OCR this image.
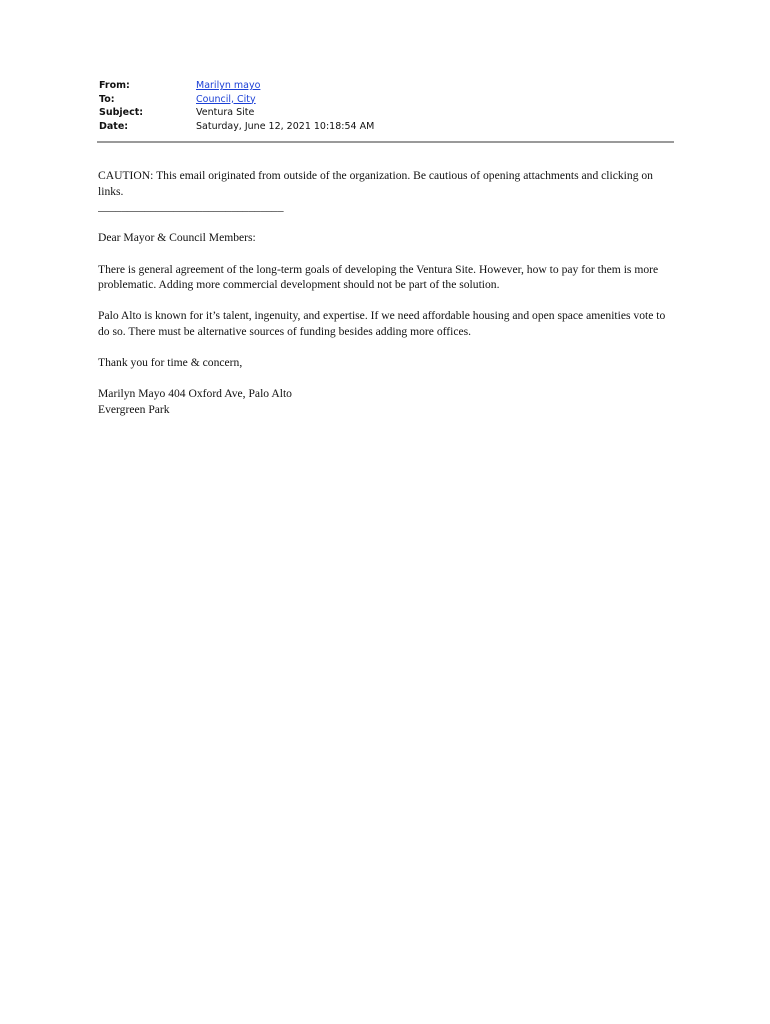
From:	Marilyn mayo
To:	Council, City
Subject:	Ventura Site
Date:	Saturday, June 12, 2021 10:18:54 AM

CAUTION: This email originated from outside of the organization. Be cautious of opening attachments and clicking on links.

________________________________

Dear Mayor & Council Members:

There is general agreement of the long-term goals of developing the Ventura Site. However, how to pay for them is more problematic. Adding more commercial development should not be part of the solution.

Palo Alto is known for it’s talent, ingenuity, and expertise. If we need affordable housing and open space amenities vote to do so. There must be alternative sources of funding besides adding more offices.

Thank you for time & concern,

Marilyn Mayo 404 Oxford Ave, Palo Alto

Evergreen Park
